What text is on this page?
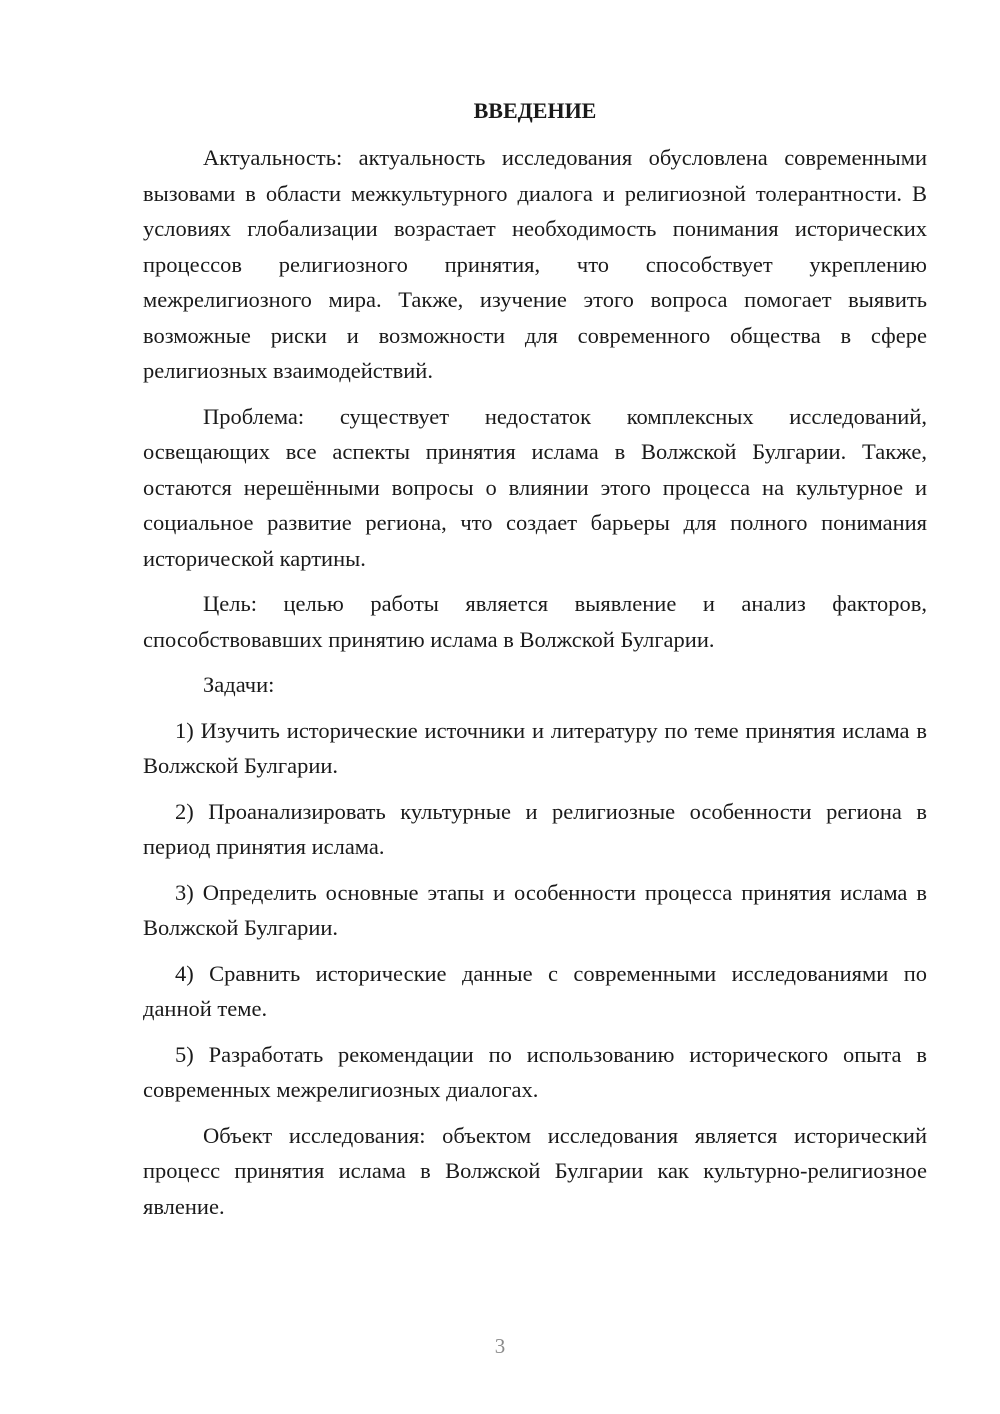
ВВЕДЕНИЕ

Актуальность: актуальность исследования обусловлена современными вызовами в области межкультурного диалога и религиозной толерантности. В условиях глобализации возрастает необходимость понимания исторических процессов религиозного принятия, что способствует укреплению межрелигиозного мира. Также, изучение этого вопроса помогает выявить возможные риски и возможности для современного общества в сфере религиозных взаимодействий.

Проблема: существует недостаток комплексных исследований, освещающих все аспекты принятия ислама в Волжской Булгарии. Также, остаются нерешёнными вопросы о влиянии этого процесса на культурное и социальное развитие региона, что создает барьеры для полного понимания исторической картины.

Цель: целью работы является выявление и анализ факторов, способствовавших принятию ислама в Волжской Булгарии.

Задачи:

1) Изучить исторические источники и литературу по теме принятия ислама в Волжской Булгарии.

2) Проанализировать культурные и религиозные особенности региона в период принятия ислама.

3) Определить основные этапы и особенности процесса принятия ислама в Волжской Булгарии.

4) Сравнить исторические данные с современными исследованиями по данной теме.

5) Разработать рекомендации по использованию исторического опыта в современных межрелигиозных диалогах.

Объект исследования: объектом исследования является исторический процесс принятия ислама в Волжской Булгарии как культурно-религиозное явление.

3
